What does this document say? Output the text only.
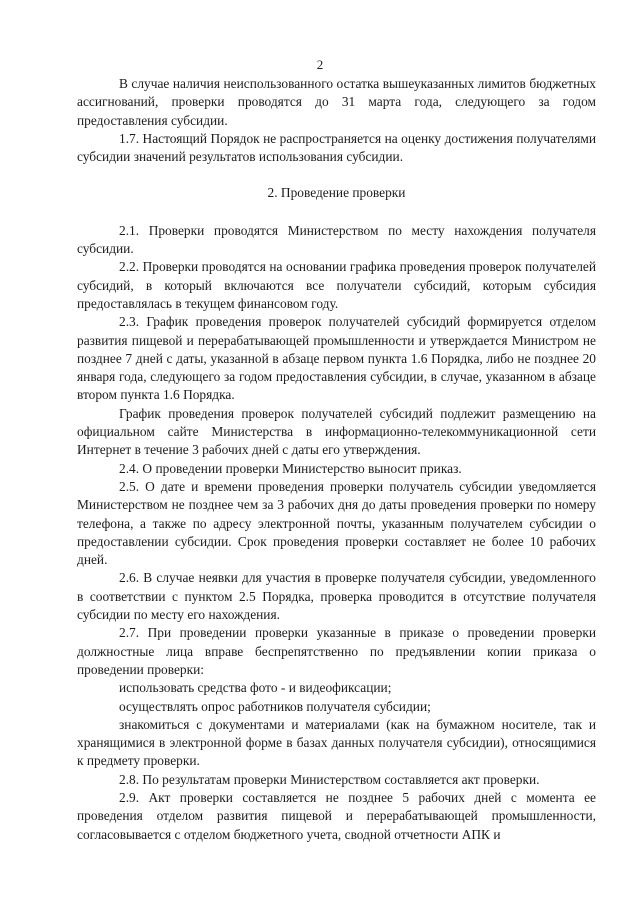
2

В случае наличия неиспользованного остатка вышеуказанных лимитов бюджетных ассигнований, проверки проводятся до 31 марта года, следующего за годом предоставления субсидии.

1.7. Настоящий Порядок не распространяется на оценку достижения получателями субсидии значений результатов использования субсидии.

2. Проведение проверки

2.1. Проверки проводятся Министерством по месту нахождения получателя субсидии.

2.2. Проверки проводятся на основании графика проведения проверок получателей субсидий, в который включаются все получатели субсидий, которым субсидия предоставлялась в текущем финансовом году.

2.3. График проведения проверок получателей субсидий формируется отделом развития пищевой и перерабатывающей промышленности и утверждается Министром не позднее 7 дней с даты, указанной в абзаце первом пункта 1.6 Порядка, либо не позднее 20 января года, следующего за годом предоставления субсидии, в случае, указанном в абзаце втором пункта 1.6 Порядка.

График проведения проверок получателей субсидий подлежит размещению на официальном сайте Министерства в информационно-телекоммуникационной сети Интернет в течение 3 рабочих дней с даты его утверждения.

2.4. О проведении проверки Министерство выносит приказ.

2.5. О дате и времени проведения проверки получатель субсидии уведомляется Министерством не позднее чем за 3 рабочих дня до даты проведения проверки по номеру телефона, а также по адресу электронной почты, указанным получателем субсидии о предоставлении субсидии. Срок проведения проверки составляет не более 10 рабочих дней.

2.6. В случае неявки для участия в проверке получателя субсидии, уведомленного в соответствии с пунктом 2.5 Порядка, проверка проводится в отсутствие получателя субсидии по месту его нахождения.

2.7. При проведении проверки указанные в приказе о проведении проверки должностные лица вправе беспрепятственно по предъявлении копии приказа о проведении проверки:

использовать средства фото - и видеофиксации;

осуществлять опрос работников получателя субсидии;

знакомиться с документами и материалами (как на бумажном носителе, так и хранящимися в электронной форме в базах данных получателя субсидии), относящимися к предмету проверки.

2.8. По результатам проверки Министерством составляется акт проверки.

2.9. Акт проверки составляется не позднее 5 рабочих дней с момента ее проведения отделом развития пищевой и перерабатывающей промышленности, согласовывается с отделом бюджетного учета, сводной отчетности АПК и
